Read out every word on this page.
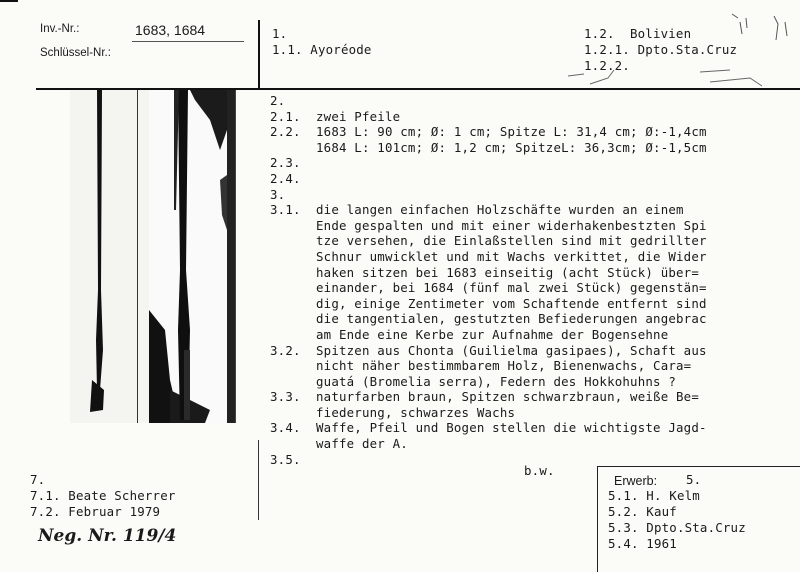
Inv.-Nr.:	1683, 1684
Schlüssel-Nr.:
1.
1.1. Ayoréode
1.2.  Bolivien
1.2.1. Dpto.Sta.Cruz
1.2.2.
2.
2.1. zwei Pfeile
2.2. 1683 L: 90 cm; Ø: 1 cm; Spitze L: 31,4 cm; Ø:-1,4cm
1684 L: 101cm; Ø: 1,2 cm; SpitzeL: 36,3cm; Ø:-1,5cm
2.3.
2.4.
3.
3.1. die langen einfachen Holzschäfte wurden an einem
Ende gespalten und mit einer widerhakenbestzten Spi
tze versehen, die Einlaßstellen sind mit gedrillter
Schnur umwicklet und mit Wachs verkittet, die Wider
haken sitzen bei 1683 einseitig (acht Stück) über=
einander, bei 1684 (fünf mal zwei Stück) gegenstän=
dig, einige Zentimeter vom Schaftende entfernt sind
die tangentialen, gestutzten Befiederungen angebrac
am Ende eine Kerbe zur Aufnahme der Bogensehne
3.2. Spitzen aus Chonta (Guilielma gasipaes), Schaft aus
nicht näher bestimmbarem Holz, Bienenwachs, Cara=
guatá (Bromelia serra), Federn des Hokkohuhns ?
3.3. naturfarben braun, Spitzen schwarzbraun, weiße Be=
fiederung, schwarzes Wachs
3.4. Waffe, Pfeil und Bogen stellen die wichtigste Jagd-
waffe der A.
3.5.
b.w.
7.
7.1. Beate Scherrer
7.2. Februar 1979
Neg. Nr. 119/4
Erwerb: 5.
5.1. H. Kelm
5.2. Kauf
5.3. Dpto.Sta.Cruz
5.4. 1961
